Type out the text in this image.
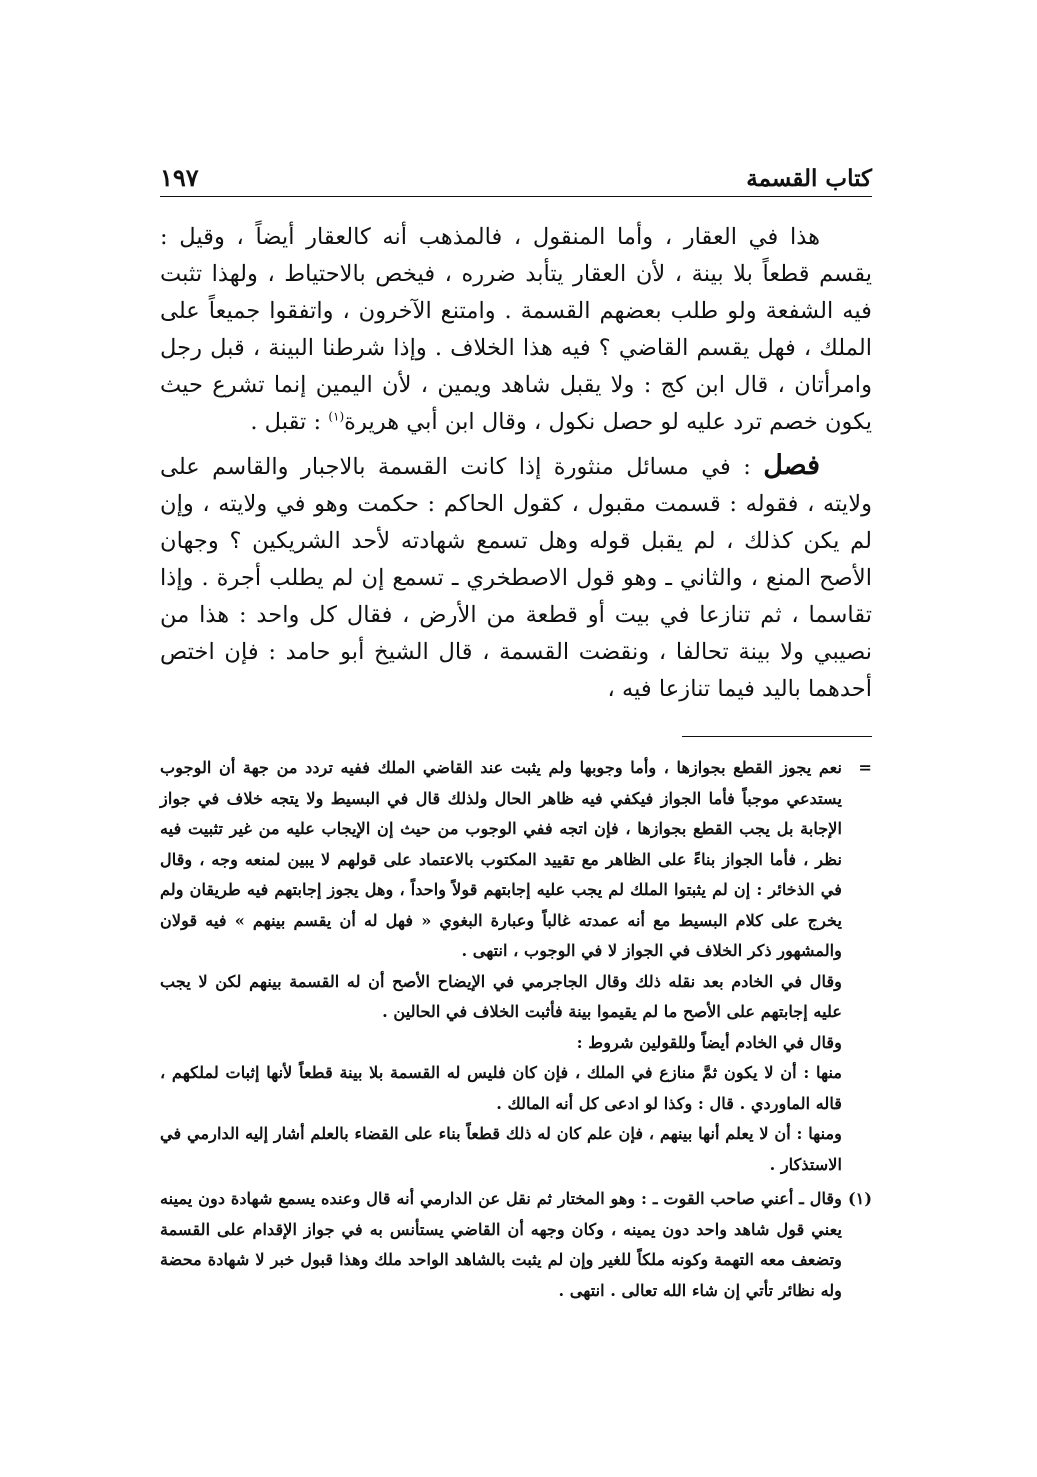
كتاب القسمة
١٩٧

هذا في العقار ، وأما المنقول ، فالمذهب أنه كالعقار أيضاً ، وقيل : يقسم قطعاً بلا بينة ، لأن العقار يتأبد ضرره ، فيخص بالاحتياط ، ولهذا تثبت فيه الشفعة ولو طلب بعضهم القسمة . وامتنع الآخرون ، واتفقوا جميعاً على الملك ، فهل يقسم القاضي ؟ فيه هذا الخلاف . وإذا شرطنا البينة ، قبل رجل وامرأتان ، قال ابن كج : ولا يقبل شاهد ويمين ، لأن اليمين إنما تشرع حيث يكون خصم ترد عليه لو حصل نكول ، وقال ابن أبي هريرة$^{(١)}$ : تقبل .

فصل : في مسائل منثورة إذا كانت القسمة بالاجبار والقاسم على ولايته ، فقوله : قسمت مقبول ، كقول الحاكم : حكمت وهو في ولايته ، وإن لم يكن كذلك ، لم يقبل قوله وهل تسمع شهادته لأحد الشريكين ؟ وجهان الأصح المنع ، والثاني ـ وهو قول الاصطخري ـ تسمع إن لم يطلب أجرة . وإذا تقاسما ، ثم تنازعا في بيت أو قطعة من الأرض ، فقال كل واحد : هذا من نصيبي ولا بينة تحالفا ، ونقضت القسمة ، قال الشيخ أبو حامد : فإن اختص أحدهما باليد فيما تنازعا فيه ،

=

نعم يجوز القطع بجوازها ، وأما وجوبها ولم يثبت عند القاضي الملك ففيه تردد من جهة أن الوجوب يستدعي موجباً فأما الجواز فيكفي فيه ظاهر الحال ولذلك قال في البسيط ولا يتجه خلاف في جواز الإجابة بل يجب القطع بجوازها ، فإن اتجه ففي الوجوب من حيث إن الإيجاب عليه من غير تثبيت فيه نظر ، فأما الجواز بناءً على الظاهر مع تقييد المكتوب بالاعتماد على قولهم لا يبين لمنعه وجه ، وقال في الذخائر : إن لم يثبتوا الملك لم يجب عليه إجابتهم قولاً واحداً ، وهل يجوز إجابتهم فيه طريقان ولم يخرج على كلام البسيط مع أنه عمدته غالباً وعبارة البغوي « فهل له أن يقسم بينهم » فيه قولان والمشهور ذكر الخلاف في الجواز لا في الوجوب ، انتهى .

وقال في الخادم بعد نقله ذلك وقال الجاجرمي في الإيضاح الأصح أن له القسمة بينهم لكن لا يجب عليه إجابتهم على الأصح ما لم يقيموا بينة فأثبت الخلاف في الحالين .

وقال في الخادم أيضاً وللقولين شروط :

منها : أن لا يكون ثمَّ منازع في الملك ، فإن كان فليس له القسمة بلا بينة قطعاً لأنها إثبات لملكهم ، قاله الماوردي . قال : وكذا لو ادعى كل أنه المالك .

ومنها : أن لا يعلم أنها بينهم ، فإن علم كان له ذلك قطعاً بناء على القضاء بالعلم أشار إليه الدارمي في الاستذكار .

(١)

وقال ـ أعني صاحب القوت ـ : وهو المختار ثم نقل عن الدارمي أنه قال وعنده يسمع شهادة دون يمينه يعني قول شاهد واحد دون يمينه ، وكان وجهه أن القاضي يستأنس به في جواز الإقدام على القسمة وتضعف معه التهمة وكونه ملكاً للغير وإن لم يثبت بالشاهد الواحد ملك وهذا قبول خبر لا شهادة محضة وله نظائر تأتي إن شاء الله تعالى . انتهى .
